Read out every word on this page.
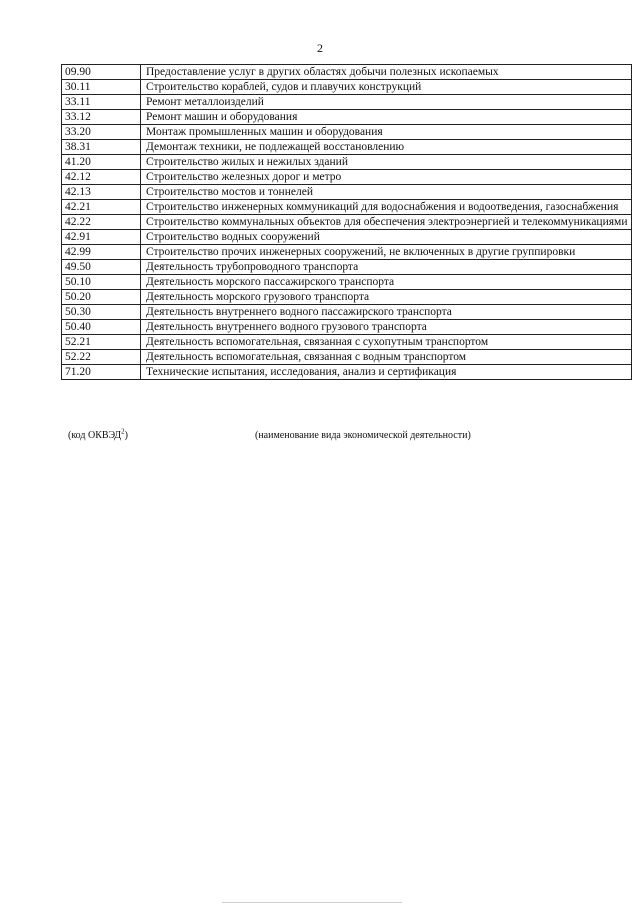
2
09.90	Предоставление услуг в других областях добычи полезных ископаемых
30.11	Строительство кораблей, судов и плавучих конструкций
33.11	Ремонт металлоизделий
33.12	Ремонт машин и оборудования
33.20	Монтаж промышленных машин и оборудования
38.31	Демонтаж техники, не подлежащей восстановлению
41.20	Строительство жилых и нежилых зданий
42.12	Строительство железных дорог и метро
42.13	Строительство мостов и тоннелей
42.21	Строительство инженерных коммуникаций для водоснабжения и водоотведения, газоснабжения
42.22	Строительство коммунальных объектов для обеспечения электроэнергией и телекоммуникациями
42.91	Строительство водных сооружений
42.99	Строительство прочих инженерных сооружений, не включенных в другие группировки
49.50	Деятельность трубопроводного транспорта
50.10	Деятельность морского пассажирского транспорта
50.20	Деятельность морского грузового транспорта
50.30	Деятельность внутреннего водного пассажирского транспорта
50.40	Деятельность внутреннего водного грузового транспорта
52.21	Деятельность вспомогательная, связанная с сухопутным транспортом
52.22	Деятельность вспомогательная, связанная с водным транспортом
71.20	Технические испытания, исследования, анализ и сертификация
(код ОКВЭД$^2$)	(наименование вида экономической деятельности)
